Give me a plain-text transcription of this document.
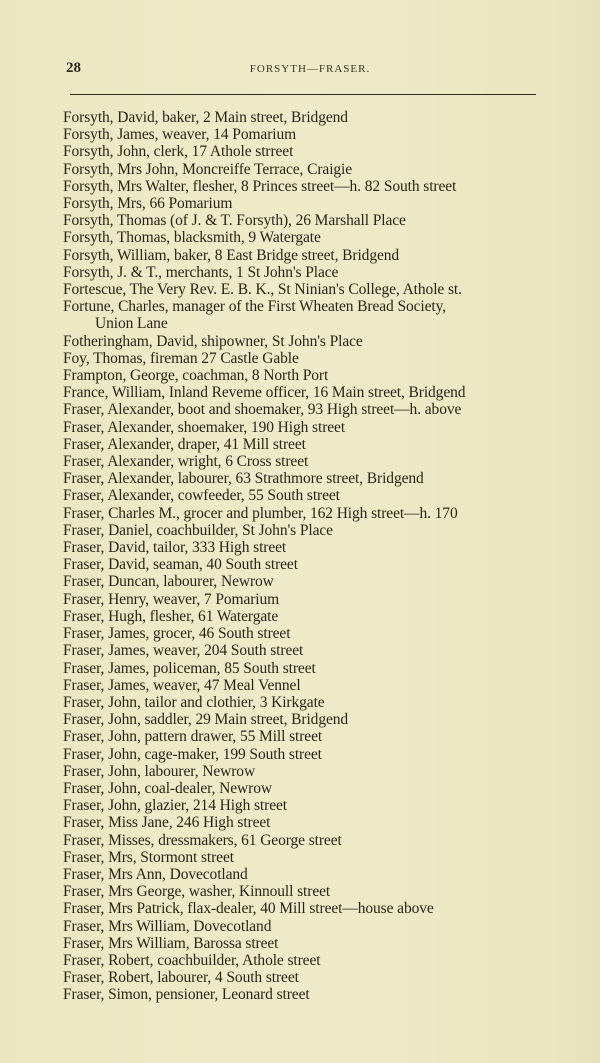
28	FORSYTH—FRASER.
Forsyth, David, baker, 2 Main street, Bridgend
Forsyth, James, weaver, 14 Pomarium
Forsyth, John, clerk, 17 Athole strreet
Forsyth, Mrs John, Moncreiffe Terrace, Craigie
Forsyth, Mrs Walter, flesher, 8 Princes street—h. 82 South street
Forsyth, Mrs, 66 Pomarium
Forsyth, Thomas (of J. & T. Forsyth), 26 Marshall Place
Forsyth, Thomas, blacksmith, 9 Watergate
Forsyth, William, baker, 8 East Bridge street, Bridgend
Forsyth, J. & T., merchants, 1 St John's Place
Fortescue, The Very Rev. E. B. K., St Ninian's College, Athole st.
Fortune, Charles, manager of the First Wheaten Bread Society,
Union Lane
Fotheringham, David, shipowner, St John's Place
Foy, Thomas, fireman 27 Castle Gable
Frampton, George, coachman, 8 North Port
France, William, Inland Reveme officer, 16 Main street, Bridgend
Fraser, Alexander, boot and shoemaker, 93 High street—h. above
Fraser, Alexander, shoemaker, 190 High street
Fraser, Alexander, draper, 41 Mill street
Fraser, Alexander, wright, 6 Cross street
Fraser, Alexander, labourer, 63 Strathmore street, Bridgend
Fraser, Alexander, cowfeeder, 55 South street
Fraser, Charles M., grocer and plumber, 162 High street—h. 170
Fraser, Daniel, coachbuilder, St John's Place
Fraser, David, tailor, 333 High street
Fraser, David, seaman, 40 South street
Fraser, Duncan, labourer, Newrow
Fraser, Henry, weaver, 7 Pomarium
Fraser, Hugh, flesher, 61 Watergate
Fraser, James, grocer, 46 South street
Fraser, James, weaver, 204 South street
Fraser, James, policeman, 85 South street
Fraser, James, weaver, 47 Meal Vennel
Fraser, John, tailor and clothier, 3 Kirkgate
Fraser, John, saddler, 29 Main street, Bridgend
Fraser, John, pattern drawer, 55 Mill street
Fraser, John, cage-maker, 199 South street
Fraser, John, labourer, Newrow
Fraser, John, coal-dealer, Newrow
Fraser, John, glazier, 214 High street
Fraser, Miss Jane, 246 High street
Fraser, Misses, dressmakers, 61 George street
Fraser, Mrs, Stormont street
Fraser, Mrs Ann, Dovecotland
Fraser, Mrs George, washer, Kinnoull street
Fraser, Mrs Patrick, flax-dealer, 40 Mill street—house above
Fraser, Mrs William, Dovecotland
Fraser, Mrs William, Barossa street
Fraser, Robert, coachbuilder, Athole street
Fraser, Robert, labourer, 4 South street
Fraser, Simon, pensioner, Leonard street
